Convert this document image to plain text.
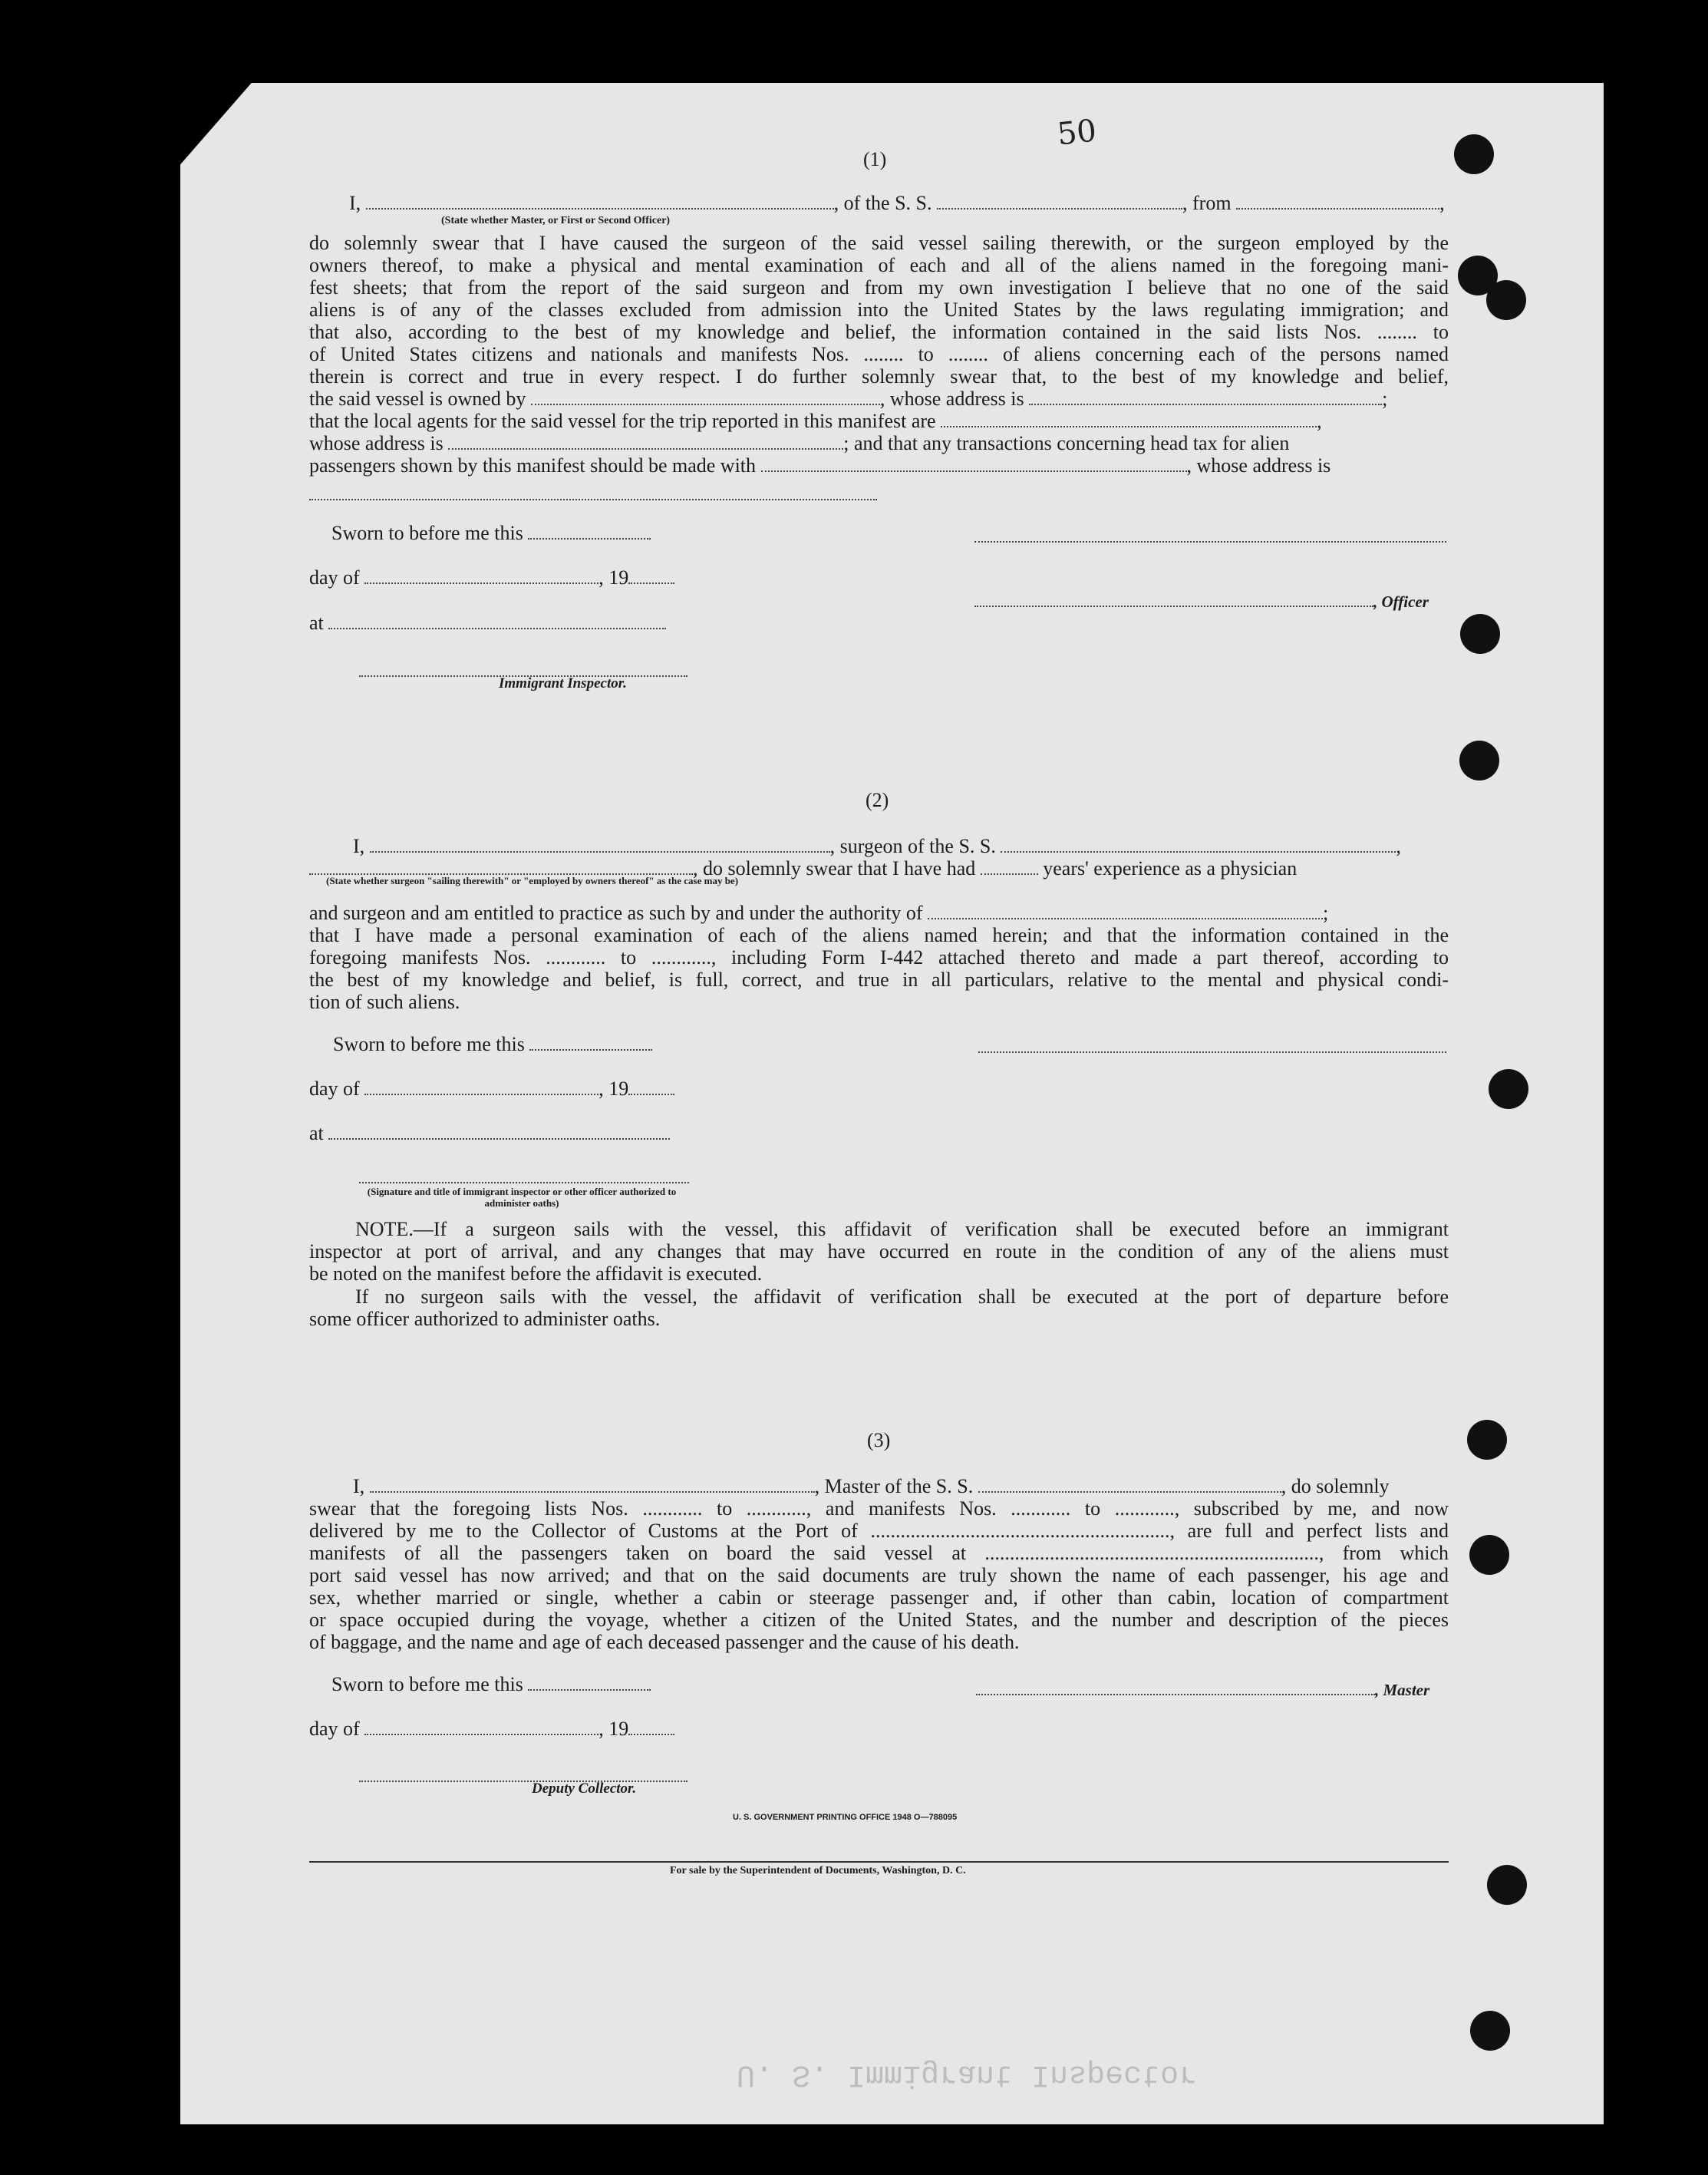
50
U. S. Immigrant Inspector
(1)
I,	, of the S. S.	, from	,
(State whether Master, or First or Second Officer)
do solemnly swear that I have caused the surgeon of the said vessel sailing therewith, or the surgeon employed by the
owners thereof, to make a physical and mental examination of each and all of the aliens named in the foregoing mani-
fest sheets; that from the report of the said surgeon and from my own investigation I believe that no one of the said
aliens is of any of the classes excluded from admission into the United States by the laws regulating immigration; and
that also, according to the best of my knowledge and belief, the information contained in the said lists Nos. ........ to
of United States citizens and nationals and manifests Nos. ........ to ........ of aliens concerning each of the persons named
therein is correct and true in every respect. I do further solemnly swear that, to the best of my knowledge and belief,
the said vessel is owned by	, whose address is	;
that the local agents for the said vessel for the trip reported in this manifest are	,
whose address is	; and that any transactions concerning head tax for alien
passengers shown by this manifest should be made with	, whose address is
Sworn to before me this
day of	, 19
, Officer
at
Immigrant Inspector.
(2)
I,	, surgeon of the S. S.	,
, do solemnly swear that I have had	years' experience as a physician
(State whether surgeon "sailing therewith" or "employed by owners thereof" as the case may be)
and surgeon and am entitled to practice as such by and under the authority of	;
that I have made a personal examination of each of the aliens named herein; and that the information contained in the
foregoing manifests Nos. ............ to ............, including Form I-442 attached thereto and made a part thereof, according to
the best of my knowledge and belief, is full, correct, and true in all particulars, relative to the mental and physical condi-
tion of such aliens.
Sworn to before me this
day of	, 19
at
(Signature and title of immigrant inspector or other officer authorized to administer oaths)
NOTE.—If a surgeon sails with the vessel, this affidavit of verification shall be executed before an immigrant
inspector at port of arrival, and any changes that may have occurred en route in the condition of any of the aliens must
be noted on the manifest before the affidavit is executed.
If no surgeon sails with the vessel, the affidavit of verification shall be executed at the port of departure before
some officer authorized to administer oaths.
(3)
I,	, Master of the S. S.	, do solemnly
swear that the foregoing lists Nos. ............ to ............, and manifests Nos. ............ to ............, subscribed by me, and now
delivered by me to the Collector of Customs at the Port of ............................................................, are full and perfect lists and
manifests of all the passengers taken on board the said vessel at ..................................................................., from which
port said vessel has now arrived; and that on the said documents are truly shown the name of each passenger, his age and
sex, whether married or single, whether a cabin or steerage passenger and, if other than cabin, location of compartment
or space occupied during the voyage, whether a citizen of the United States, and the number and description of the pieces
of baggage, and the name and age of each deceased passenger and the cause of his death.
Sworn to before me this	, Master
day of	, 19
Deputy Collector.
U. S. GOVERNMENT PRINTING OFFICE 1948 O—788095
For sale by the Superintendent of Documents, Washington, D. C.
